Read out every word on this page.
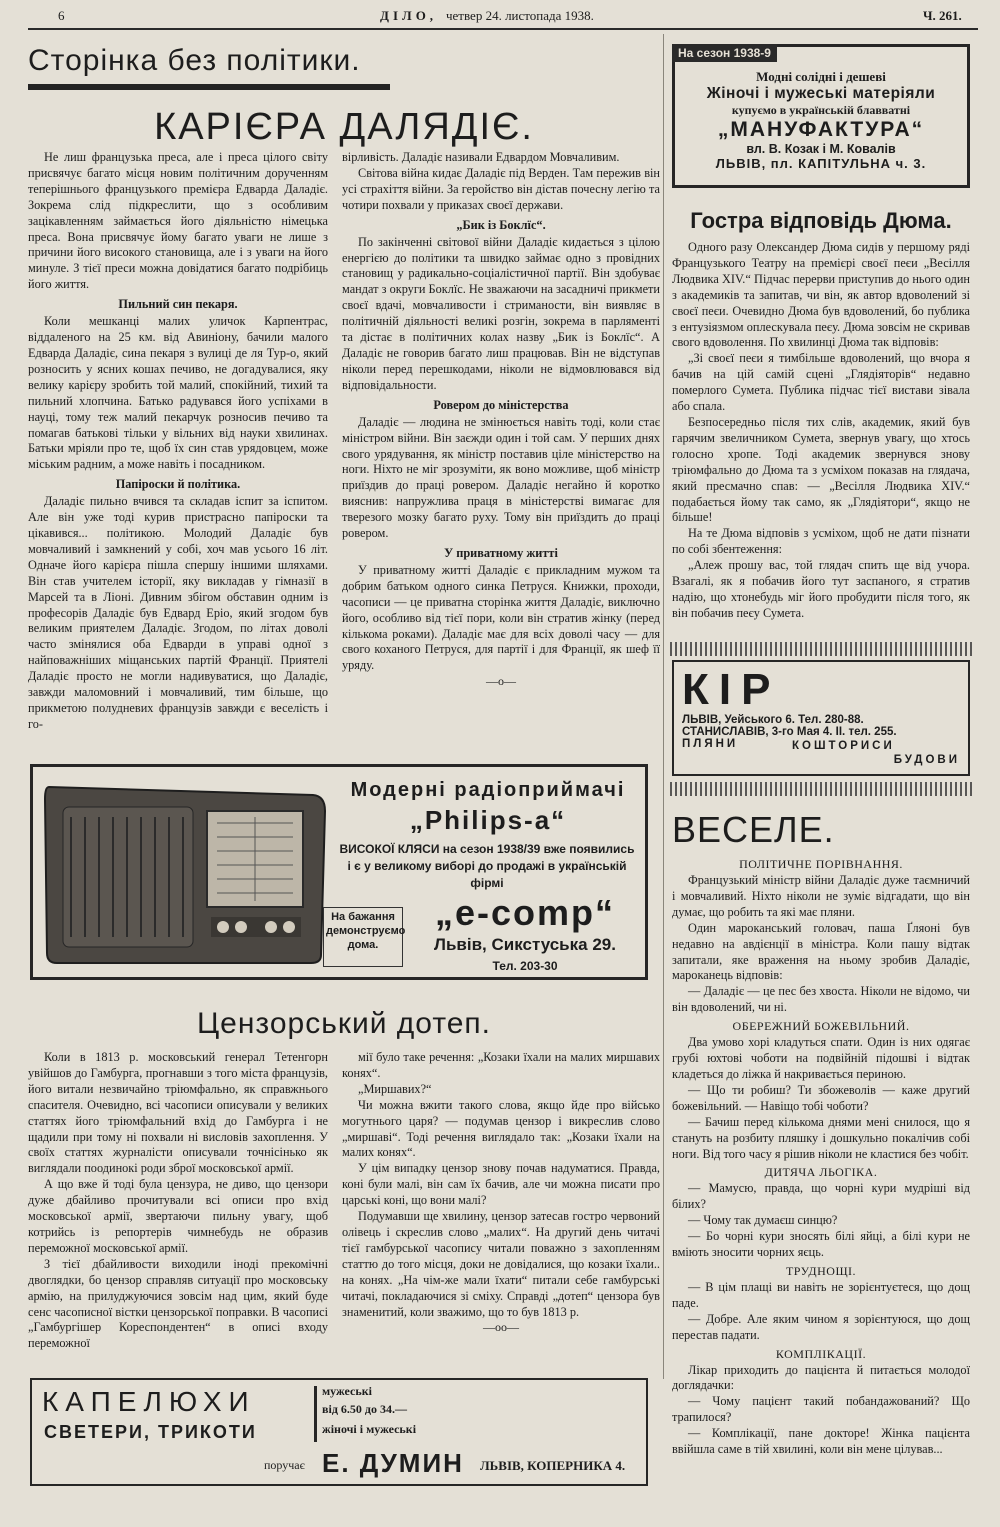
6	ДІЛО, четвер 24. листопада 1938.	Ч. 261.
Сторінка без політики.
КАРІЄРА ДАЛЯДІЄ.

Не лиш французька преса, але і преса цілого світу присвячує багато місця новим політичним дорученням теперішнього французького премієра Едварда Даладіє. Зокрема слід підкреслити, що з особливим зацікавленням займається його діяльністю німецька преса. Вона присвячує йому багато уваги не лише з причини його високого становища, але і з уваги на його минуле. З тієї преси можна довідатися багато подрібиць його життя.

Пильний син пекаря.

Коли мешканці малих уличок Карпентрас, віддаленого на 25 км. від Авиніону, бачили малого Едварда Даладіє, сина пекаря з вулиці де ля Тур-о, який розносить у ясних кошах печиво, не догадувалися, яку велику карієру зробить той малий, спокійний, тихий та пильний хлопчина. Батько радувався його успіхами в науці, тому теж малий пекарчук розносив печиво та помагав батькові тільки у вільних від науки хвилинах. Батьки мріяли про те, щоб їх син став урядовцем, може міським радним, а може навіть і посадником.

Папіроски й політика.

Даладіє пильно вчився та складав іспит за іспитом. Але він уже тоді курив пристрасно папіроски та цікавився... політикою. Молодий Даладіє був мовчаливий і замкнений у собі, хоч мав усього 16 літ. Одначе його карієра пішла спершу іншими шляхами. Він став учителем історії, яку викладав у гімназії в Марсей та в Ліоні. Дивним збігом обставин одним із професорів Даладіє був Едвард Еріо, який згодом був великим приятелем Даладіє. Згодом, по літах доволі часто змінялися оба Едварди в управі одної з найповажніших міщанських партій Франції. Приятелі Даладіє просто не могли надивуватися, що Даладіє, завжди маломовний і мовчаливий, тим більше, що прикметою полудневих французів завжди є веселість і го-

вірливість. Даладіє називали Едвардом Мовчаливим.

Світова війна кидає Даладіє під Верден. Там пережив він усі страхіття війни. За геройство він дістав почесну легію та чотири похвали у приказах своєї держави.

„Бик із Боклїс“.

По закінченні світової війни Даладіє кидається з цілою енергією до політики та швидко займає одно з провідних становищ у радикально-соціалістичної партії. Він здобуває мандат з округи Боклїс. Не зважаючи на засадничі прикмети своєї вдачі, мовчаливости і стриманости, він виявляє в політичній діяльності великі розгін, зокрема в парляменті та дістає в політичних колах назву „Бик із Боклїс“. А Даладіє не говорив багато лиш працював. Він не відступав ніколи перед перешкодами, ніколи не відмовлювався від відповідальности.

Ровером до міністерства

Даладіє — людина не змінюється навіть тоді, коли стає міністром війни. Він заєжди один і той сам. У перших днях свого урядування, як міністр поставив ціле міністерство на ноги. Ніхто не міг зрозуміти, як воно можливе, щоб міністр приїздив до праці ровером. Даладіє негайно й коротко вияснив: напружлива праця в міністерстві вимагає для тверезого мозку багато руху. Тому він приїздить до праці ровером.

У приватному житті

У приватному житті Даладіє є прикладним мужом та добрим батьком одного синка Петруся. Книжки, проходи, часописи — це приватна сторінка життя Даладіє, виключно його, особливо від тієї пори, коли він стратив жінку (перед кількома роками). Даладіє має для всіх доволі часу — для свого коханого Петруся, для партії і для Франції, як шеф її уряду.

—о—
На сезон 1938-9
Модні солідні і дешеві
Жіночі і мужеські матеріяли
купуємо в українській блавватні
„МАНУФАКТУРА“
вл. В. Козак і М. Ковалів
ЛЬВІВ, пл. КАПІТУЛЬНА ч. 3.
Гостра відповідь Дюма.

Одного разу Олександер Дюма сидів у першому ряді Французького Театру на премієрі своєї пеєи „Весілля Людвика XIV.“ Підчас перерви приступив до нього один з академиків та запитав, чи він, як автор вдоволений зі своєї пеєи. Очевидно Дюма був вдоволений, бо публика з ентузіязмом оплескувала пеєу. Дюма зовсім не скривав свого вдоволення. По хвилинці Дюма так відповів:

„Зі своєї пеєи я тимбільше вдоволений, що вчора я бачив на цій самій сцені „Глядіяторів“ недавно померлого Сумета. Публика підчас тієї вистави зівала або спала.

Безпосередньо після тих слів, академик, який був гарячим звеличником Сумета, звернув увагу, що хтось голосно хропе. Тоді академик звернувся знову тріюмфально до Дюма та з усміхом показав на глядача, який пресмачно спав: — „Весілля Людвика XIV.“ подабається йому так само, як „Глядіятори“, якщо не більше!

На те Дюма відповів з усміхом, щоб не дати пізнати по собі збентеження:

„Алеж прошу вас, той глядач спить ще від учора. Взагалі, як я побачив його тут заспаного, я стратив надію, що хтонебудь міг його пробудити після того, як він побачив пеєу Сумета.

КІР
ЛЬВІВ, Уейського 6. Тел. 280-88.
СТАНИСЛАВІВ, 3-го Мая 4. II. тел. 255.
ПЛЯНИ	КОШТОРИСИ
БУДОВИ
Модерні радіоприймачі
„Philips-a“
ВИСОКОЇ КЛЯСИ на сезон 1938/39 вже появились і є у великому виборі до продажі в українській фірмі
На бажання демонструємо дома.
„е-comp“
Львів, Сикстуська 29.
Тел. 203-30
Цензорський дотеп.

Коли в 1813 р. московський генерал Тетенгорн увійшов до Гамбурга, прогнавши з того міста французів, його витали незвичайно тріюмфально, як справжнього спасителя. Очевидно, всі часописи описували у великих статтях його тріюмфальний вхід до Гамбурга і не щадили при тому ні похвали ні висловів захоплення. У своїх статтях журналісти описували точнісінько як виглядали поодинокі роди зброї московської армії.

А що вже й тоді була цензура, не диво, що цензори дуже дбайливо прочитували всі описи про вхід московської армії, звертаючи пильну увагу, щоб котрийсь із репортерів чимнебудь не образив переможної московської армії.

З тієї дбайливости виходили іноді прекомічні двоглядки, бо цензор справляв ситуації про московську армію, на прилуджуючися зовсім над цим, який буде сенс часописної вістки цензорської поправки. В часописі „Гамбургішер Кореспондентен“ в описі входу переможної

мії було таке речення: „Козаки їхали на малих миршавих конях“.

„Миршавих?“

Чи можна вжити такого слова, якщо йде про військо могутнього царя? — подумав цензор і викреслив слово „миршаві“. Тоді речення виглядало так: „Козаки їхали на малих конях“.

У цім випадку цензор знову почав надуматися. Правда, коні були малі, він сам їх бачив, але чи можна писати про царські коні, що вони малі?

Подумавши ще хвилину, цензор затесав гостро червоний олівець і скреслив слово „малих“. На другий день читачі тієї гамбурської часопису читали поважно з захопленням статтю до того місця, доки не довідалися, що козаки їхали.. на конях. „На чім-же мали їхати“ питали себе гамбурські читачі, покладаючися зі сміху. Справді „дотеп“ цензора був знаменитий, коли зважимо, що то був 1813 р.

—оо—
КАПЕЛЮХИ
СВЕТЕРИ, ТРИКОТИ
мужеські
від 6.50 до 34.—
жіночі і мужеські
поручає Е. ДУМИН ЛЬВІВ, КОПЕРНИКА 4.
ВЕСЕЛЕ.
ПОЛІТИЧНЕ ПОРІВНАННЯ.

Французький міністр війни Даладіє дуже таємничий і мовчаливий. Ніхто ніколи не зуміє відгадати, що він думає, що робить та які має пляни.

Один мароканський головач, паша Ґляоні був недавно на авдієнції в міністра. Коли пашу відтак запитали, яке враження на ньому зробив Даладіє, мароканець відповів:

— Даладіє — це пес без хвоста. Ніколи не відомо, чи він вдоволений, чи ні.

ОБЕРЕЖНИЙ БОЖЕВІЛЬНИЙ.

Два умово хорі кладуться спати. Один із них одягає грубі юхтові чоботи на подвійній підошві і відтак кладеться до ліжка й накривається периною.

— Що ти робиш? Ти збожеволів — каже другий божевільний. — Навіщо тобі чоботи?

— Бачиш перед кількома днями мені снилося, що я стануть на розбиту пляшку і дошкульно покалічив собі ноги. Від того часу я рішив ніколи не кластися без чобіт.

ДИТЯЧА ЛЬОГІКА.

— Мамусю, правда, що чорні кури мудріші від білих?

— Чому так думаєш синцю?

— Бо чорні кури зносять білі яйці, а білі кури не вміють зносити чорних яєць.

ТРУДНОЩІ.

— В цім плащі ви навіть не зорієнтуєтеся, що дощ паде.

— Добре. Але яким чином я зорієнтуюся, що дощ перестав падати.

КОМПЛІКАЦІЇ.

Лікар приходить до пацієнта й питається молодої доглядачки:

— Чому пацієнт такий побандажований? Що трапилося?

— Комплікації, пане докторе! Жінка пацієнта ввійшла саме в тій хвилині, коли він мене цілував...
